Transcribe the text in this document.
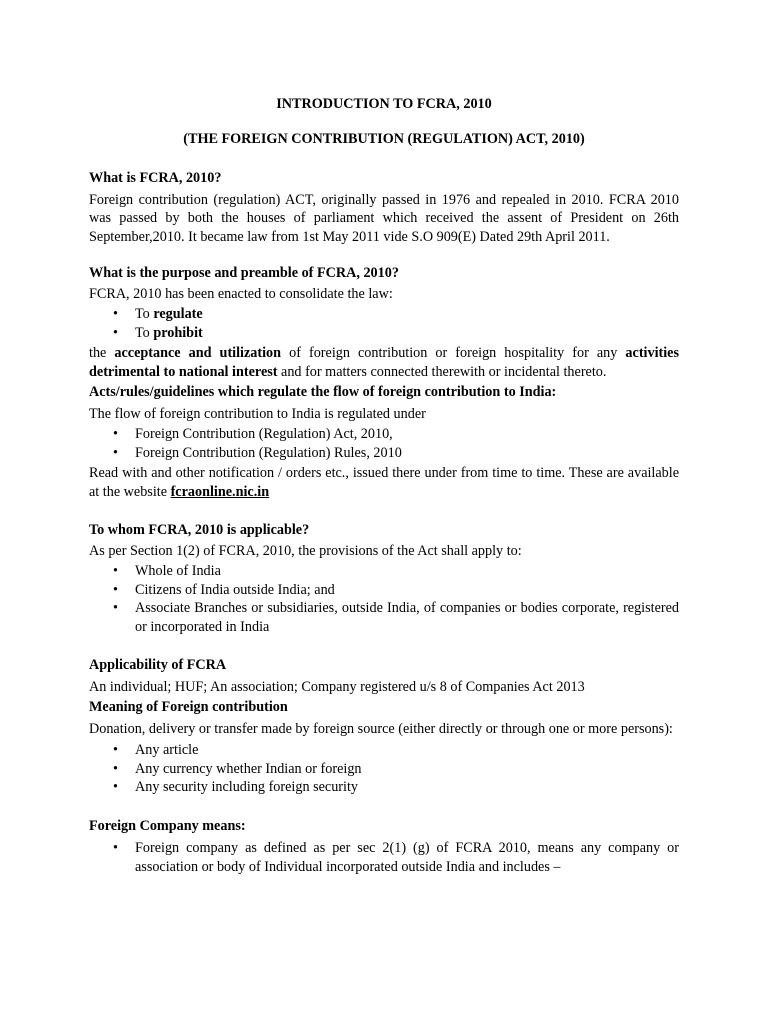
INTRODUCTION TO FCRA, 2010

(THE FOREIGN CONTRIBUTION (REGULATION) ACT, 2010)

What is FCRA, 2010?

Foreign contribution (regulation) ACT, originally passed in 1976 and repealed in 2010. FCRA 2010 was passed by both the houses of parliament which received the assent of President on 26th September,2010. It became law from 1st May 2011 vide S.O 909(E) Dated 29th April 2011.

What is the purpose and preamble of FCRA, 2010?

FCRA, 2010 has been enacted to consolidate the law:

• To regulate
• To prohibit

the acceptance and utilization of foreign contribution or foreign hospitality for any activities detrimental to national interest and for matters connected therewith or incidental thereto.

Acts/rules/guidelines which regulate the flow of foreign contribution to India:

The flow of foreign contribution to India is regulated under

• Foreign Contribution (Regulation) Act, 2010,
• Foreign Contribution (Regulation) Rules, 2010

Read with and other notification / orders etc., issued there under from time to time. These are available at the website fcraonline.nic.in

To whom FCRA, 2010 is applicable?

As per Section 1(2) of FCRA, 2010, the provisions of the Act shall apply to:

• Whole of India
• Citizens of India outside India; and
• Associate Branches or subsidiaries, outside India, of companies or bodies corporate, registered or incorporated in India

Applicability of FCRA

An individual; HUF; An association; Company registered u/s 8 of Companies Act 2013

Meaning of Foreign contribution

Donation, delivery or transfer made by foreign source (either directly or through one or more persons):

• Any article
• Any currency whether Indian or foreign
• Any security including foreign security

Foreign Company means:

• Foreign company as defined as per sec 2(1) (g) of FCRA 2010, means any company or association or body of Individual incorporated outside India and includes –
